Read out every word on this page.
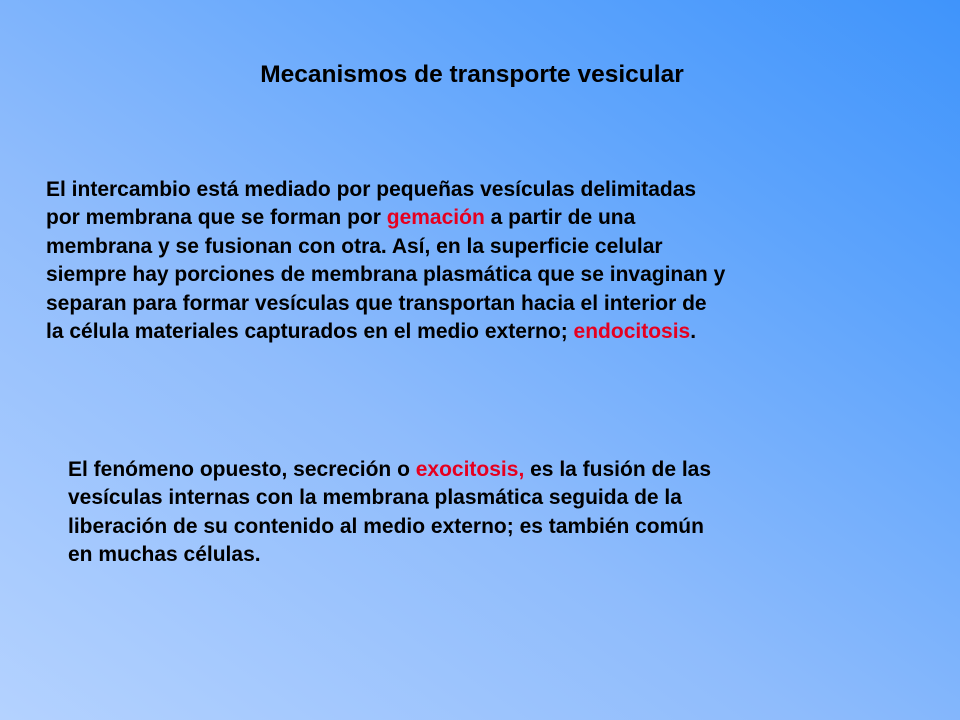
Mecanismos de transporte vesicular

El intercambio está mediado por pequeñas vesículas delimitadas
por membrana que se forman por gemación a partir de una
membrana y se fusionan con otra. Así, en la superficie celular
siempre hay porciones de membrana plasmática que se invaginan y
separan para formar vesículas que transportan hacia el interior de
la célula materiales capturados en el medio externo; endocitosis.

El fenómeno opuesto, secreción o exocitosis, es la fusión de las
vesículas internas con la membrana plasmática seguida de la
liberación de su contenido al medio externo; es también común
en muchas células.
